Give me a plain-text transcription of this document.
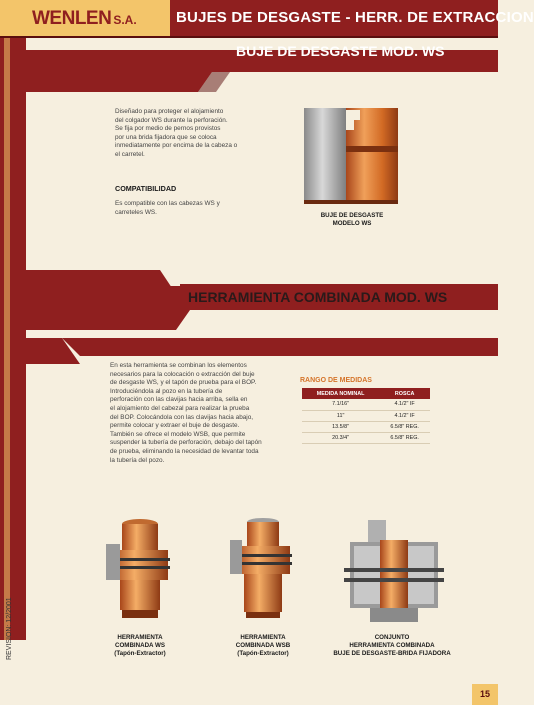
WENLEN S.A.	BUJES DE DESGASTE - HERR. DE EXTRACCION
BUJE DE DESGASTE MOD. WS
Diseñado para proteger el alojamiento
del colgador WS durante la perforación.
Se fija por medio de pernos provistos
por una brida fijadora que se coloca
inmediatamente por encima de la cabeza o
el carretel.
COMPATIBILIDAD
Es compatible con las cabezas WS y
carreteles WS.	BUJE DE DESGASTE
MODELO WS
HERRAMIENTA COMBINADA MOD. WS
En esta herramienta se combinan los elementos
necesarios para la colocación o extracción del buje
de desgaste WS, y el tapón de prueba para el BOP.
Introduciéndola al pozo en la tubería de
perforación con las clavijas hacia arriba, sella en
el alojamiento del cabezal para realizar la prueba
del BOP. Colocándola con las clavijas hacia abajo,
permite colocar y extraer el buje de desgaste.
También se ofrece el modelo WSB, que permite
suspender la tubería de perforación, debajo del tapón
de prueba, eliminando la necesidad de levantar toda
la tubería del pozo.
RANGO DE MEDIDAS
MEDIDA NOMINAL	ROSCA
7.1/16"	4.1/2" IF
11"	4.1/2" IF
13.5/8"	6.5/8" REG.
20.3/4"	6.5/8" REG.
HERRAMIENTA
COMBINADA WS
(Tapón-Extractor)
HERRAMIENTA
COMBINADA WSB
(Tapón-Extractor)
CONJUNTO
HERRAMIENTA COMBINADA
BUJE DE DESGASTE-BRIDA FIJADORA
REVISION: 12/2001
15
